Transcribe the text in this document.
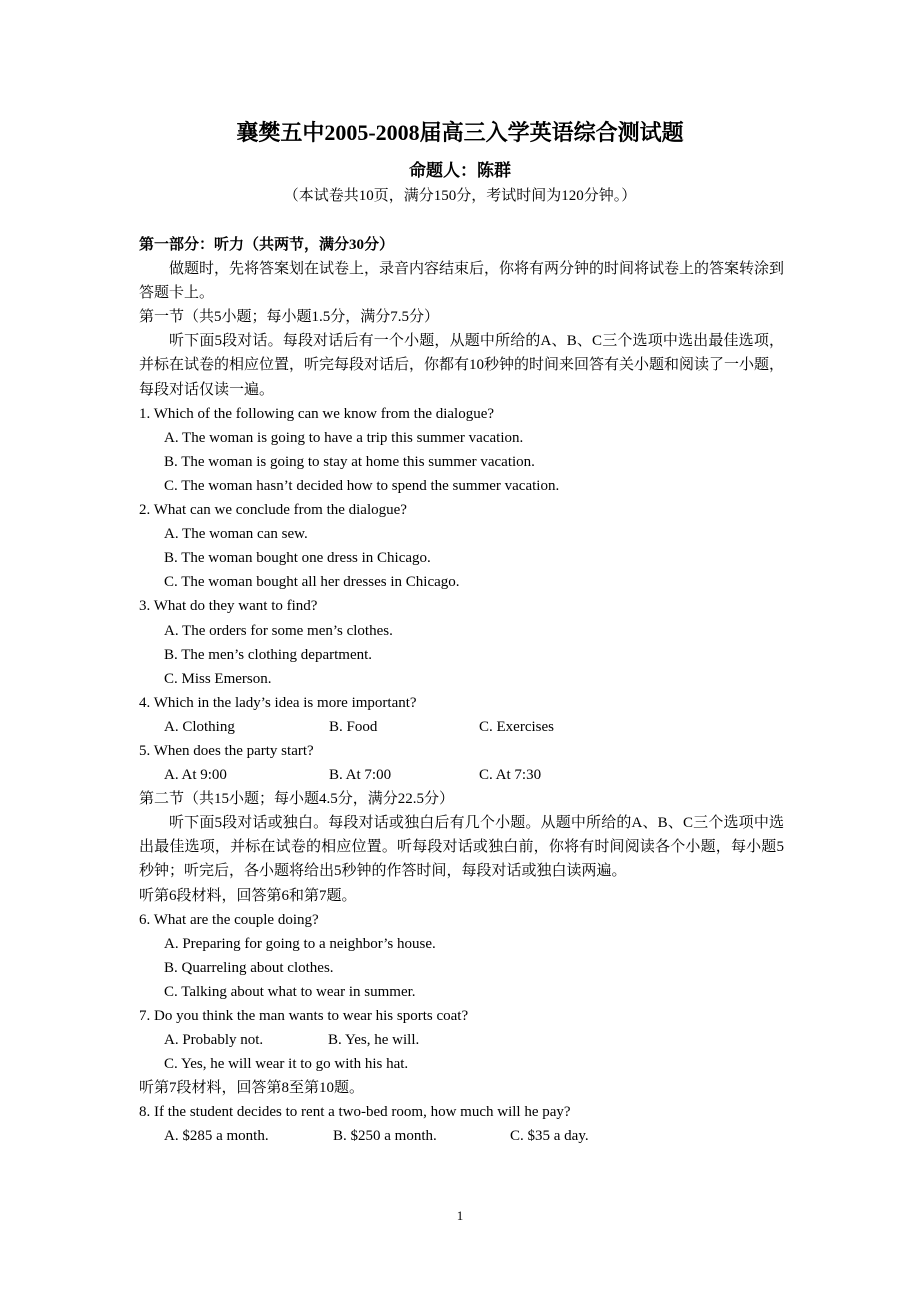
襄樊五中2005-2008届高三入学英语综合测试题
命题人：陈群
（本试卷共10页，满分150分，考试时间为120分钟。）
第一部分：听力（共两节，满分30分）

做题时，先将答案划在试卷上，录音内容结束后，你将有两分钟的时间将试卷上的答案转涂到答题卡上。

第一节（共5小题；每小题1.5分，满分7.5分）

听下面5段对话。每段对话后有一个小题，从题中所给的A、B、C三个选项中选出最佳选项，并标在试卷的相应位置，听完每段对话后，你都有10秒钟的时间来回答有关小题和阅读了一小题，每段对话仅读一遍。

1. Which of the following can we know from the dialogue?
A. The woman is going to have a trip this summer vacation.
B. The woman is going to stay at home this summer vacation.
C. The woman hasn’t decided how to spend the summer vacation.
2. What can we conclude from the dialogue?
A. The woman can sew.
B. The woman bought one dress in Chicago.
C. The woman bought all her dresses in Chicago.
3. What do they want to find?
A. The orders for some men’s clothes.
B. The men’s clothing department.
C. Miss Emerson.
4. Which in the lady’s idea is more important?
A. Clothing	B. Food	C. Exercises
5. When does the party start?
A. At 9:00	B. At 7:00	C. At 7:30
第二节（共15小题；每小题4.5分，满分22.5分）

听下面5段对话或独白。每段对话或独白后有几个小题。从题中所给的A、B、C三个选项中选出最佳选项，并标在试卷的相应位置。听每段对话或独白前，你将有时间阅读各个小题，每小题5秒钟；听完后，各小题将给出5秒钟的作答时间，每段对话或独白读两遍。

听第6段材料，回答第6和第7题。
6. What are the couple doing?
A. Preparing for going to a neighbor’s house.
B. Quarreling about clothes.
C. Talking about what to wear in summer.
7. Do you think the man wants to wear his sports coat?
A. Probably not.	B. Yes, he will.
C. Yes, he will wear it to go with his hat.
听第7段材料，回答第8至第10题。
8. If the student decides to rent a two-bed room, how much will he pay?
A. $285 a month.	B. $250 a month.	C. $35 a day.
1
